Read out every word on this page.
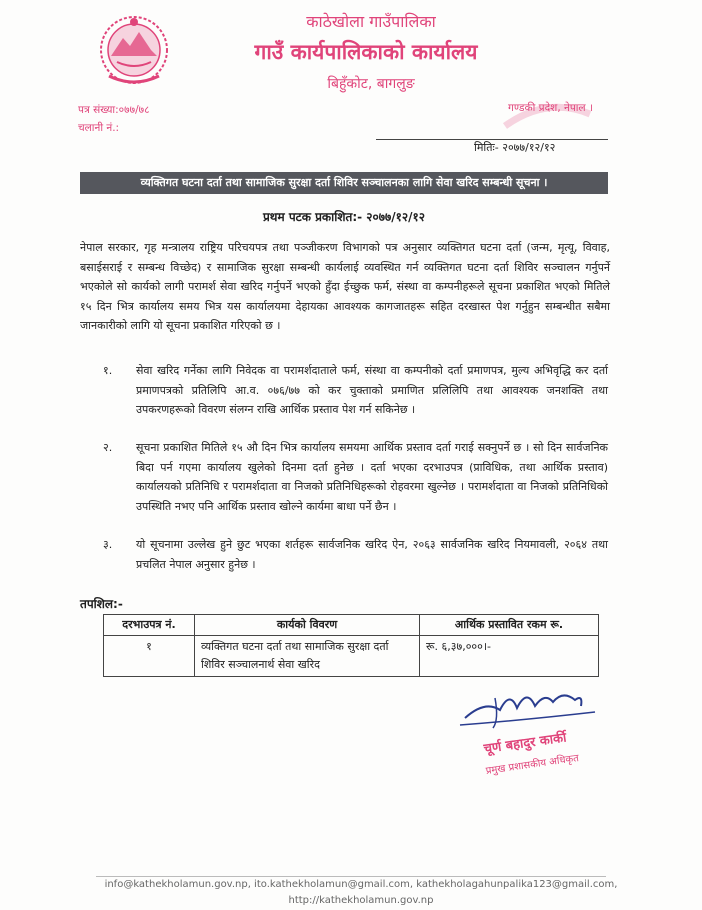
काठेखोला गाउँपालिका
गाउँ कार्यपालिकाको कार्यालय
बिहुँकोट, बागलुङ
पत्र संख्या:०७७/७८
चलानी नं.:
गण्डकी प्रदेश, नेपाल ।
मितिः- २०७७/१२/१२
व्यक्तिगत घटना दर्ता तथा सामाजिक सुरक्षा दर्ता शिविर सञ्चालनका लागि सेवा खरिद सम्बन्धी सूचना ।
प्रथम पटक प्रकाशित:- २०७७/१२/१२
नेपाल सरकार, गृह मन्त्रालय राष्ट्रिय परिचयपत्र तथा पञ्जीकरण विभागको पत्र अनुसार व्यक्तिगत घटना दर्ता (जन्म, मृत्यू, विवाह, बसाईसराई र सम्बन्ध विच्छेद) र सामाजिक सुरक्षा सम्बन्धी कार्यलाई व्यवस्थित गर्न व्यक्तिगत घटना दर्ता शिविर सञ्चालन गर्नुपर्ने भएकोले सो कार्यको लागी परामर्श सेवा खरिद गर्नुपर्ने भएको हुँदा ईच्छुक फर्म, संस्था वा कम्पनीहरूले सूचना प्रकाशित भएको मितिले १५ दिन भित्र कार्यालय समय भित्र यस कार्यालयमा देहायका आवश्यक कागजातहरू सहित दरखास्त पेश गर्नुहुन सम्बन्धीत सबैमा जानकारीको लागि यो सूचना प्रकाशित गरिएको छ ।
१. सेवा खरिद गर्नेका लागि निवेदक वा परामर्शदाताले फर्म, संस्था वा कम्पनीको दर्ता प्रमाणपत्र, मुल्य अभिवृद्धि कर दर्ता प्रमाणपत्रको प्रतिलिपि आ.व. ०७६/७७ को कर चुक्ताको प्रमाणित प्रलिलिपि तथा आवश्यक जनशक्ति तथा उपकरणहरूको विवरण संलग्न राखि आर्थिक प्रस्ताव पेश गर्न सकिनेछ ।
२. सूचना प्रकाशित मितिले १५ औ दिन भित्र कार्यालय समयमा आर्थिक प्रस्ताव दर्ता गराई सक्नुपर्ने छ । सो दिन सार्वजनिक बिदा पर्न गएमा कार्यालय खुलेको दिनमा दर्ता हुनेछ । दर्ता भएका दरभाउपत्र (प्राविधिक, तथा आर्थिक प्रस्ताव) कार्यालयको प्रतिनिधि र परामर्शदाता वा निजको प्रतिनिधिहरूको रोहवरमा खुल्नेछ । परामर्शदाता वा निजको प्रतिनिधिको उपस्थिति नभए पनि आर्थिक प्रस्ताव खोल्ने कार्यमा बाधा पर्ने छैन ।
३. यो सूचनामा उल्लेख हुने छुट भएका शर्तहरू सार्वजनिक खरिद ऐन, २०६३ सार्वजनिक खरिद नियमावली, २०६४ तथा प्रचलित नेपाल अनुसार हुनेछ ।
तपशिल:-
दरभाउपत्र नं.	कार्यको विवरण	आर्थिक प्रस्तावित रकम रू.
१	व्यक्तिगत घटना दर्ता तथा सामाजिक सुरक्षा दर्ता शिविर सञ्चालनार्थ सेवा खरिद	रू. ६,३७,०००।-
चूर्ण बहादुर कार्की
प्रमुख प्रशासकीय अधिकृत
info@kathekholamun.gov.np, ito.kathekholamun@gmail.com, kathekholagahunpalika123@gmail.com,
http://kathekholamun.gov.np
